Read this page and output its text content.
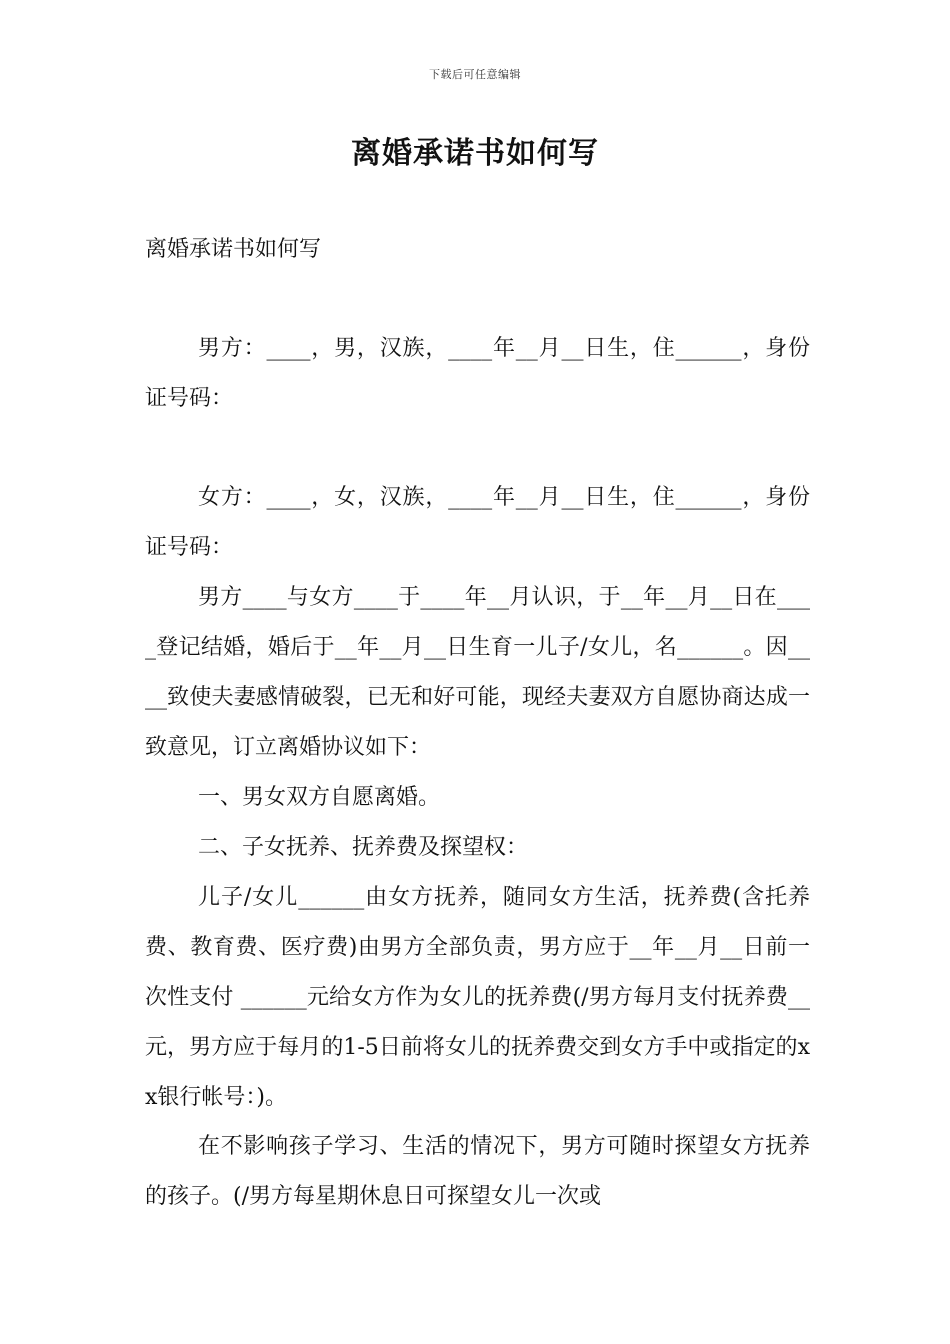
下载后可任意编辑
离婚承诺书如何写

离婚承诺书如何写

男方：____，男，汉族，____年__月__日生，住______，身份证号码：

女方：____，女，汉族，____年__月__日生，住______，身份证号码：

男方____与女方____于____年__月认识，于__年__月__日在____登记结婚，婚后于__年__月__日生育一儿子/女儿，名______。因____致使夫妻感情破裂，已无和好可能，现经夫妻双方自愿协商达成一致意见，订立离婚协议如下：

一、男女双方自愿离婚。

二、子女抚养、抚养费及探望权：

儿子/女儿______由女方抚养，随同女方生活，抚养费(含托养费、教育费、医疗费)由男方全部负责，男方应于__年__月__日前一次性支付 ______元给女方作为女儿的抚养费(/男方每月支付抚养费__元，男方应于每月的1-5日前将女儿的抚养费交到女方手中或指定的xx银行帐号：)。

在不影响孩子学习、生活的情况下，男方可随时探望女方抚养的孩子。(/男方每星期休息日可探望女儿一次或
